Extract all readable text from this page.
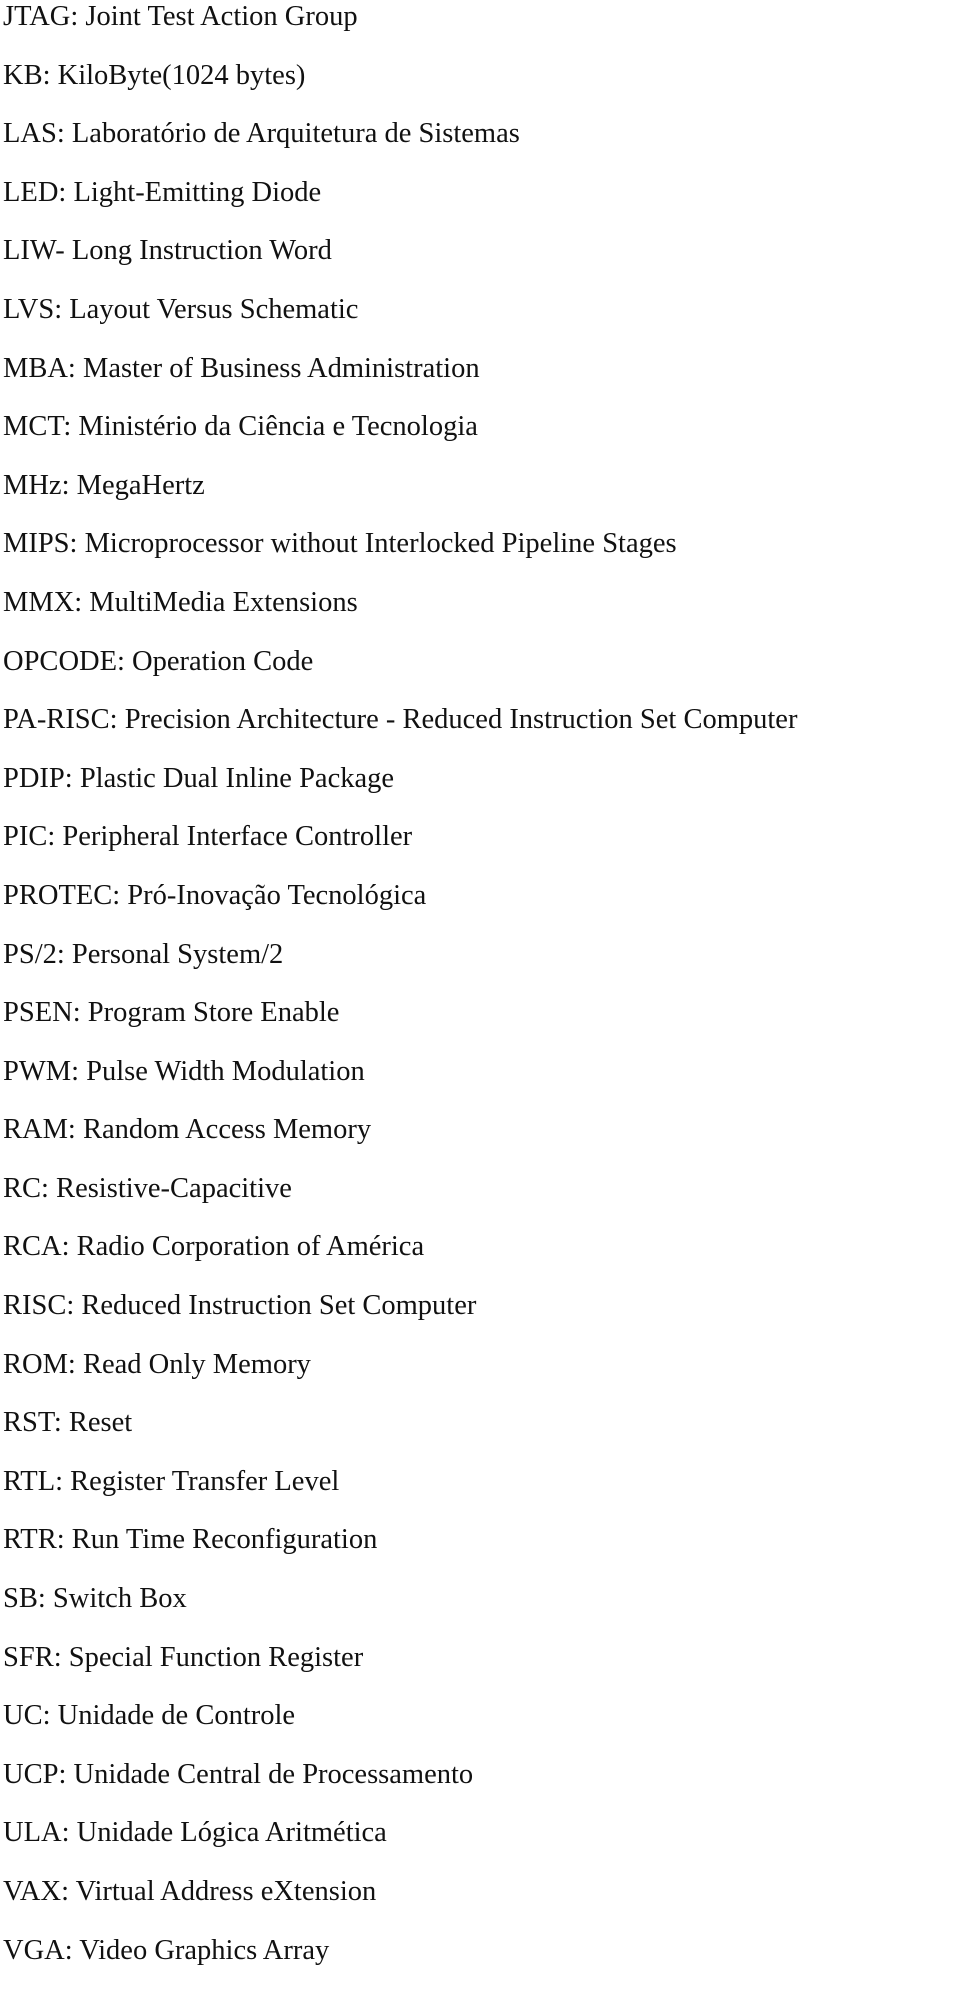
JTAG: Joint Test Action Group
KB: KiloByte(1024 bytes)
LAS: Laboratório de Arquitetura de Sistemas
LED: Light-Emitting Diode
LIW- Long Instruction Word
LVS: Layout Versus Schematic
MBA: Master of Business Administration
MCT: Ministério da Ciência e Tecnologia
MHz: MegaHertz
MIPS: Microprocessor without Interlocked Pipeline Stages
MMX: MultiMedia Extensions
OPCODE: Operation Code
PA-RISC: Precision Architecture - Reduced Instruction Set Computer
PDIP: Plastic Dual Inline Package
PIC: Peripheral Interface Controller
PROTEC: Pró-Inovação Tecnológica
PS/2: Personal System/2
PSEN: Program Store Enable
PWM: Pulse Width Modulation
RAM: Random Access Memory
RC: Resistive-Capacitive
RCA: Radio Corporation of América
RISC: Reduced Instruction Set Computer
ROM: Read Only Memory
RST: Reset
RTL: Register Transfer Level
RTR: Run Time Reconfiguration
SB: Switch Box
SFR: Special Function Register
UC: Unidade de Controle
UCP: Unidade Central de Processamento
ULA: Unidade Lógica Aritmética
VAX: Virtual Address eXtension
VGA: Video Graphics Array
